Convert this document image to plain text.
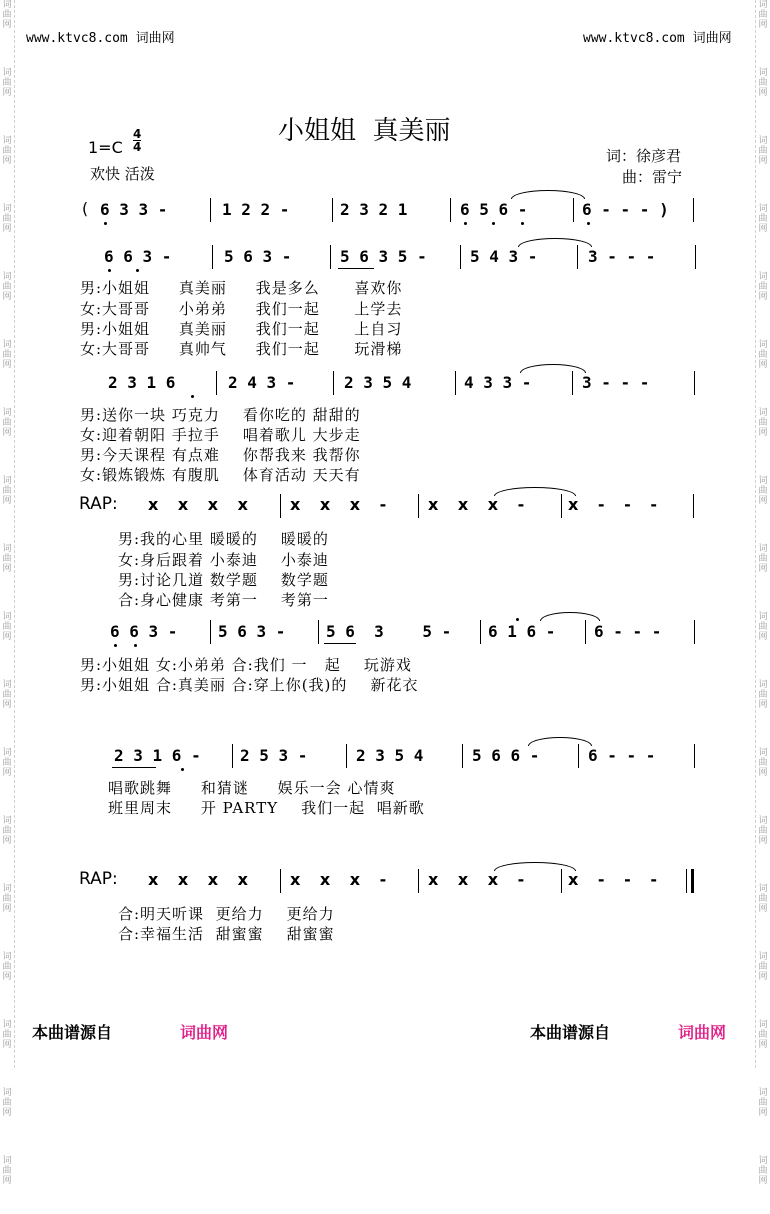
词
曲
网
词
曲
网
词
曲
网
词
曲
网
词
曲
网
词
曲
网
词
曲
网
词
曲
网
词
曲
网
词
曲
网
词
曲
网
词
曲
网
词
曲
网
词
曲
网
词
曲
网
词
曲
网
词
曲
网
词
曲
网
词
曲
网
词
曲
网
词
曲
网
词
曲
网
词
曲
网
词
曲
网
词
曲
网
词
曲
网
词
曲
网
词
曲
网
词
曲
网
词
曲
网
词
曲
网
词
曲
网
词
曲
网
词
曲
网
词
曲
网
词
曲
网
www.ktvc8.com 词曲网	www.ktvc8.com 词曲网
小姐姐  真美丽
1=C
4
4
欢快 活泼
词：徐彦君
曲：雷宁
( 6 3 3 -	1 2 2 -	2 3 2 1	6 5 6 -	6 - - - )
6 6 3 -	5 6 3 -	5 6 3 5 -	5 4 3 -	3 - - -
男:小姐姐     真美丽     我是多么      喜欢你
女:大哥哥     小弟弟     我们一起      上学去
男:小姐姐     真美丽     我们一起      上自习
女:大哥哥     真帅气     我们一起      玩滑梯
2 3 1 6	2 4 3 -	2 3 5 4	4 3 3 -	3 - - -
男:送你一块 巧克力    看你吃的 甜甜的
女:迎着朝阳 手拉手    唱着歌儿 大步走
男:今天课程 有点难    你帮我来 我帮你
女:锻炼锻炼 有腹肌    体育活动 天天有
RAP: x x x x	x x x -	x x x -	x - - -
男:我的心里 暖暖的    暖暖的
女:身后跟着 小泰迪    小泰迪
男:讨论几道 数学题    数学题
合:身心健康 考第一    考第一
6 6 3 -	5 6 3 -	5 6  3    5 - 6 1 6 - 6 - - -
男:小姐姐 女:小弟弟 合:我们 一   起    玩游戏
男:小姐姐 合:真美丽 合:穿上你(我)的    新花衣
2 3 1 6 - 2 5 3 -	2 3 5 4	5 6 6 -	6 - - -
唱歌跳舞     和猜谜     娱乐一会 心情爽
班里周末     开 PARTY    我们一起  唱新歌
RAP: x x x x	x x x -	x x x -	x - - -
合:明天听课  更给力    更给力
合:幸福生活  甜蜜蜜    甜蜜蜜
本曲谱源自	词曲网	本曲谱源自	词曲网
